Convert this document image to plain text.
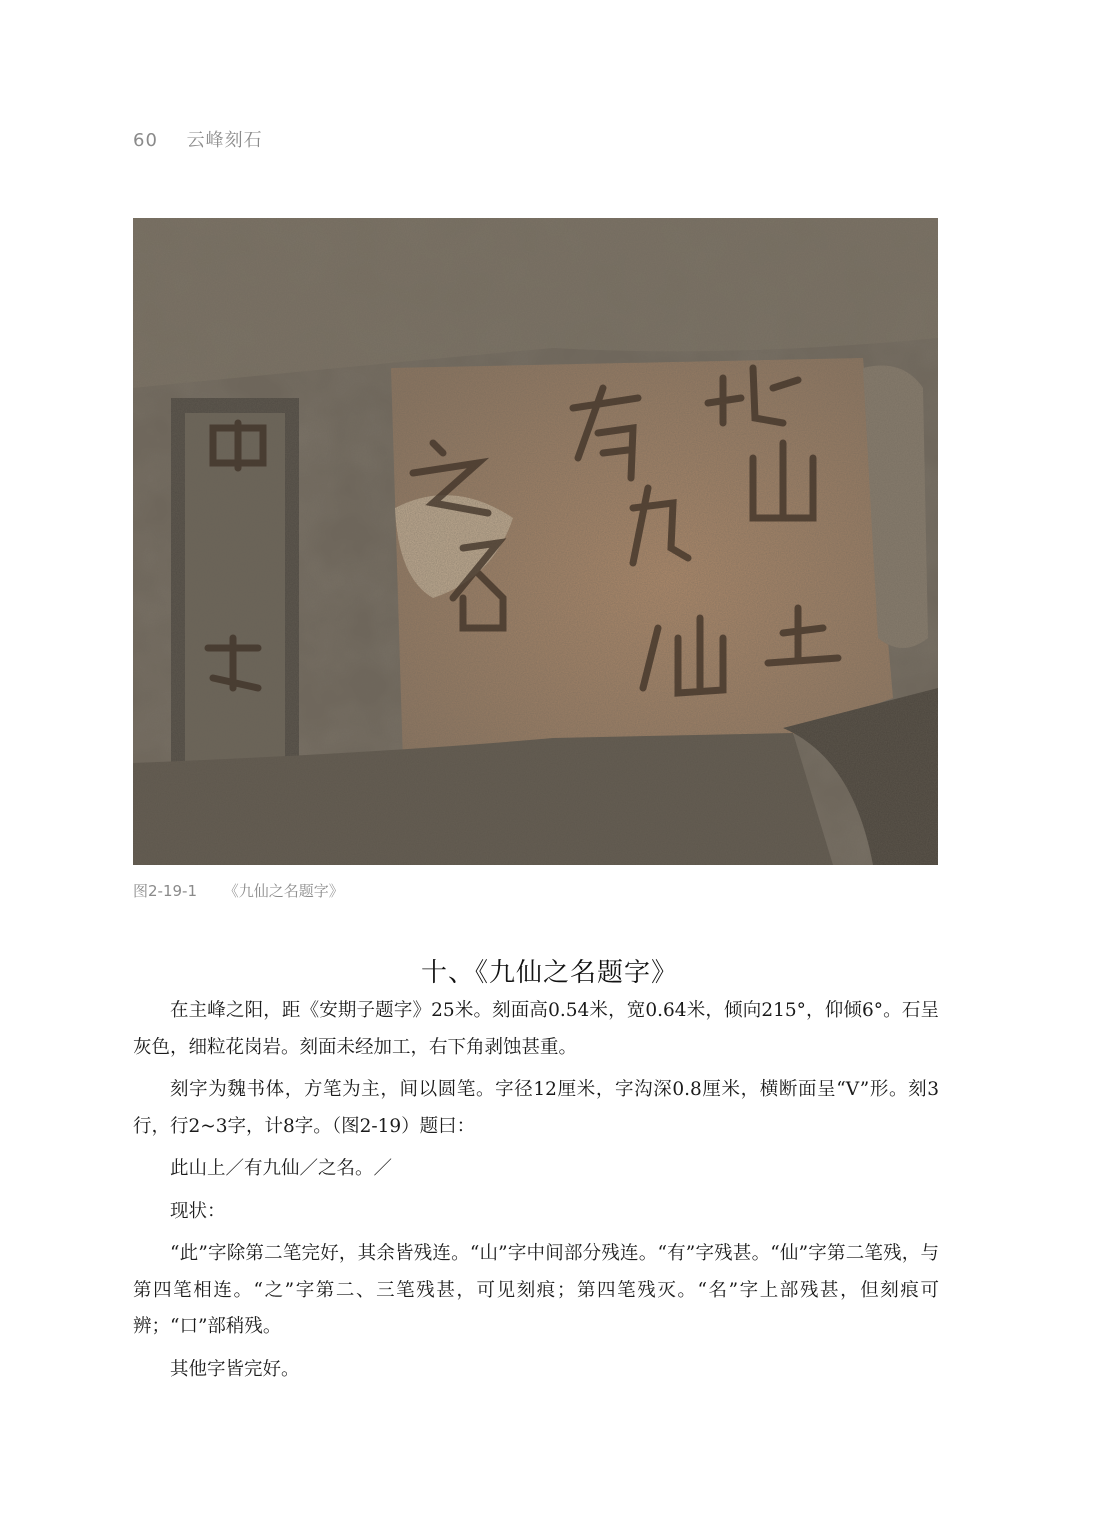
60 云峰刻石
图2-19-1 《九仙之名题字》
十、《九仙之名题字》

在主峰之阳，距《安期子题字》25米。刻面高0.54米，宽0.64米，倾向215°，仰倾6°。石呈灰色，细粒花岗岩。刻面未经加工，右下角剥蚀甚重。

刻字为魏书体，方笔为主，间以圆笔。字径12厘米，字沟深0.8厘米，横断面呈“V”形。刻3行，行2~3字，计8字。（图2-19）题曰：

此山上／有九仙／之名。／

现状：

“此”字除第二笔完好，其余皆残连。“山”字中间部分残连。“有”字残甚。“仙”字第二笔残，与第四笔相连。“之”字第二、三笔残甚，可见刻痕；第四笔残灭。“名”字上部残甚，但刻痕可辨；“口”部稍残。

其他字皆完好。
